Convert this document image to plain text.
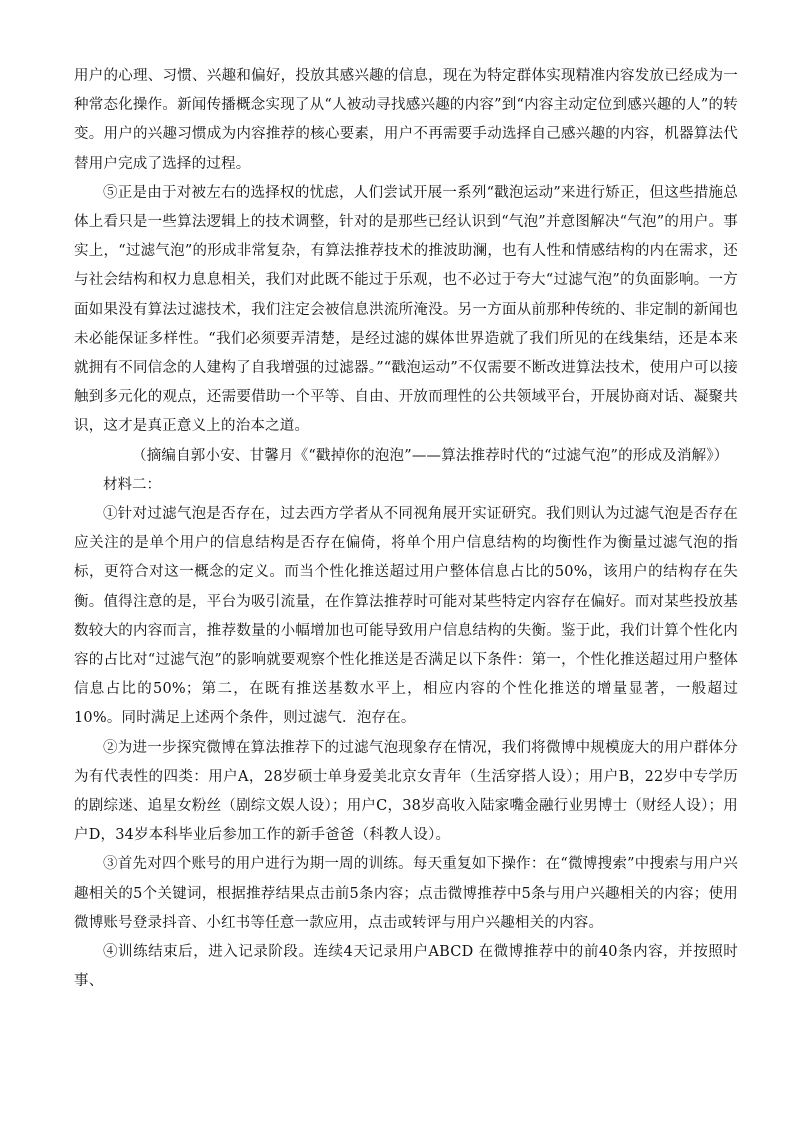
用户的心理、习惯、兴趣和偏好，投放其感兴趣的信息，现在为特定群体实现精准内容发放已经成为一种常态化操作。新闻传播概念实现了从“人被动寻找感兴趣的内容”到“内容主动定位到感兴趣的人”的转变。用户的兴趣习惯成为内容推荐的核心要素，用户不再需要手动选择自己感兴趣的内容，机器算法代替用户完成了选择的过程。

⑤正是由于对被左右的选择权的忧虑，人们尝试开展一系列“戳泡运动”来进行矫正，但这些措施总体上看只是一些算法逻辑上的技术调整，针对的是那些已经认识到“气泡”并意图解决“气泡”的用户。事实上，“过滤气泡”的形成非常复杂，有算法推荐技术的推波助澜，也有人性和情感结构的内在需求，还与社会结构和权力息息相关，我们对此既不能过于乐观，也不必过于夸大“过滤气泡”的负面影响。一方面如果没有算法过滤技术，我们注定会被信息洪流所淹没。另一方面从前那种传统的、非定制的新闻也未必能保证多样性。“我们必须要弄清楚，是经过滤的媒体世界造就了我们所见的在线集结，还是本来就拥有不同信念的人建构了自我增强的过滤器。”“戳泡运动”不仅需要不断改进算法技术，使用户可以接触到多元化的观点，还需要借助一个平等、自由、开放而理性的公共领域平台，开展协商对话、凝聚共识，这才是真正意义上的治本之道。

（摘编自郭小安、甘馨月《“戳掉你的泡泡”——算法推荐时代的“过滤气泡”的形成及消解》）

材料二：

①针对过滤气泡是否存在，过去西方学者从不同视角展开实证研究。我们则认为过滤气泡是否存在应关注的是单个用户的信息结构是否存在偏倚，将单个用户信息结构的均衡性作为衡量过滤气泡的指标，更符合对这一概念的定义。而当个性化推送超过用户整体信息占比的50%，该用户的结构存在失衡。值得注意的是，平台为吸引流量，在作算法推荐时可能对某些特定内容存在偏好。而对某些投放基数较大的内容而言，推荐数量的小幅增加也可能导致用户信息结构的失衡。鉴于此，我们计算个性化内容的占比对“过滤气泡”的影响就要观察个性化推送是否满足以下条件：第一，个性化推送超过用户整体信息占比的50%；第二，在既有推送基数水平上，相应内容的个性化推送的增量显著，一般超过10%。同时满足上述两个条件，则过滤气．泡存在。

②为进一步探究微博在算法推荐下的过滤气泡现象存在情况，我们将微博中规模庞大的用户群体分为有代表性的四类：用户A，28岁硕士单身爱美北京女青年（生活穿搭人设）；用户B，22岁中专学历的剧综迷、追星女粉丝（剧综文娱人设）；用户C，38岁高收入陆家嘴金融行业男博士（财经人设）；用户D，34岁本科毕业后参加工作的新手爸爸（科教人设）。

③首先对四个账号的用户进行为期一周的训练。每天重复如下操作：在“微博搜索”中搜索与用户兴趣相关的5个关键词，根据推荐结果点击前5条内容；点击微博推荐中5条与用户兴趣相关的内容；使用微博账号登录抖音、小红书等任意一款应用，点击或转评与用户兴趣相关的内容。

④训练结束后，进入记录阶段。连续4天记录用户ABCD 在微博推荐中的前40条内容，并按照时事、
